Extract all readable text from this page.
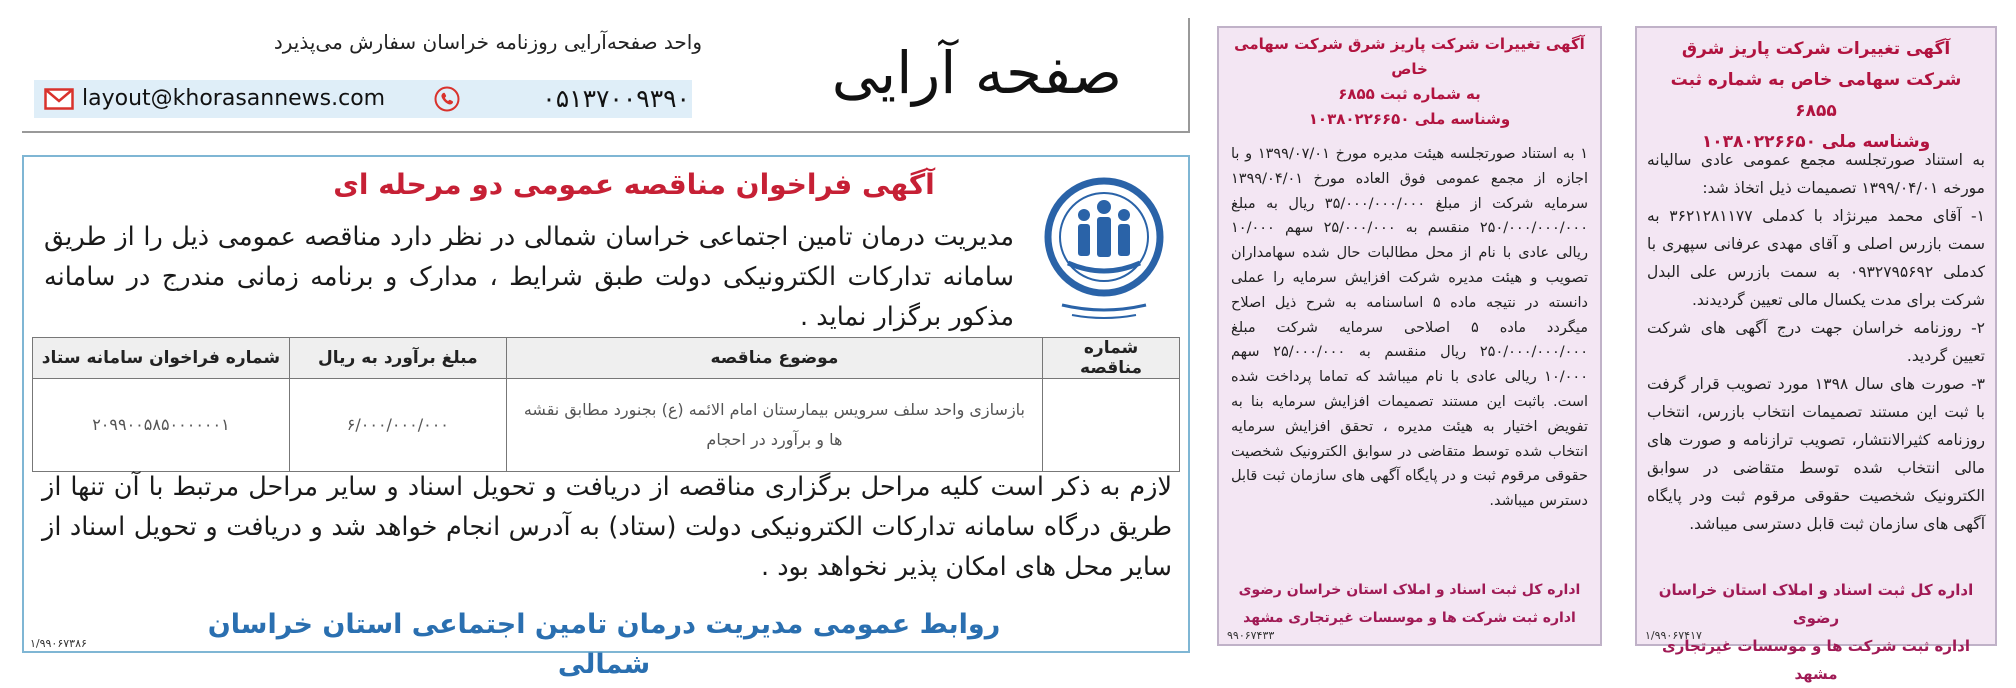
آگهی تغییرات شرکت پاریز شرق
شرکت سهامی خاص به شماره ثبت ۶۸۵۵
وشناسه ملی ۱۰۳۸۰۲۲۶۶۵۰

به استناد صورتجلسه مجمع عمومی عادی سالیانه مورخه ۱۳۹۹/۰۴/۰۱ تصمیمات ذیل اتخاذ شد:

۱- آقای محمد میرنژاد با کدملی ۳۶۲۱۲۸۱۱۷۷ به سمت بازرس اصلی و آقای مهدی عرفانی سپهری با کدملی ۰۹۳۲۷۹۵۶۹۲ به سمت بازرس علی البدل شرکت برای مدت یکسال مالی تعیین گردیدند.

۲- روزنامه خراسان جهت درج آگهی های شرکت تعیین گردید.

۳- صورت های سال ۱۳۹۸ مورد تصویب قرار گرفت با ثبت این مستند تصمیمات انتخاب بازرس، انتخاب روزنامه کثیرالانتشار، تصویب ترازنامه و صورت های مالی انتخاب شده توسط متقاضی در سوابق الکترونیک شخصیت حقوقی مرقوم ثبت ودر پایگاه آگهی های سازمان ثبت قابل دسترسی میباشد.

اداره کل ثبت اسناد و املاک استان خراسان رضوی
اداره ثبت شرکت ها و موسسات غیرتجاری مشهد
۱/۹۹۰۶۷۴۱۷
آگهی تغییرات شرکت پاریز شرق شرکت سهامی خاص
به شماره ثبت ۶۸۵۵
وشناسه ملی ۱۰۳۸۰۲۲۶۶۵۰

۱ به استناد صورتجلسه هیئت مدیره مورخ ۱۳۹۹/۰۷/۰۱ و با اجازه از مجمع عمومی فوق العاده مورخ ۱۳۹۹/۰۴/۰۱ سرمایه شرکت از مبلغ ۳۵/۰۰۰/۰۰۰/۰۰۰ ریال به مبلغ ۲۵۰/۰۰۰/۰۰۰/۰۰۰ منقسم به ۲۵/۰۰۰/۰۰۰ سهم ۱۰/۰۰۰ ریالی عادی با نام از محل مطالبات حال شده سهامداران تصویب و هیئت مدیره شرکت افزایش سرمایه را عملی دانسته در نتیجه ماده ۵ اساسنامه به شرح ذیل اصلاح میگردد ماده ۵ اصلاحی سرمایه شرکت مبلغ ۲۵۰/۰۰۰/۰۰۰/۰۰۰ ریال منقسم به ۲۵/۰۰۰/۰۰۰ سهم ۱۰/۰۰۰ ریالی عادی با نام میباشد که تماما پرداخت شده است. باثبت این مستند تصمیمات افزایش سرمایه بنا به تفویض اختیار به هیئت مدیره ، تحقق افزایش سرمایه انتخاب شده توسط متقاضی در سوابق الکترونیک شخصیت حقوقی مرقوم ثبت و در پایگاه آگهی های سازمان ثبت قابل دسترس میباشد.

اداره کل ثبت اسناد و املاک استان خراسان رضوی
اداره ثبت شرکت ها و موسسات غیرتجاری مشهد
۹۹۰۶۷۴۳۳
صفحه آرایی
واحد صفحه‌آرایی روزنامه خراسان سفارش می‌پذیرد
۰۵۱۳۷۰۰۹۳۹۰
layout@khorasannews.com
آگهی فراخوان مناقصه عمومی دو مرحله ای

مدیریت درمان تامین اجتماعی خراسان شمالی در نظر دارد مناقصه عمومی ذیل را از طریق سامانه تدارکات الکترونیکی دولت طبق شرایط ، مدارک و برنامه زمانی مندرج در سامانه مذکور برگزار نماید .

شماره مناقصه	موضوع مناقصه	مبلغ برآورد به ریال	شماره فراخوان سامانه ستاد
	بازسازی واحد سلف سرویس بیمارستان امام الائمه (ع) بجنورد مطابق نقشه ها و برآورد در احجام	۶/۰۰۰/۰۰۰/۰۰۰	۲۰۹۹۰۰۵۸۵۰۰۰۰۰۰۱

لازم به ذکر است کلیه مراحل برگزاری مناقصه از دریافت و تحویل اسناد و سایر مراحل مرتبط با آن تنها از طریق درگاه سامانه تدارکات الکترونیکی دولت (ستاد) به آدرس انجام خواهد شد و دریافت و تحویل اسناد از سایر محل های امکان پذیر نخواهد بود .

روابط عمومی مدیریت درمان تامین اجتماعی استان خراسان شمالی
۱/۹۹۰۶۷۳۸۶
